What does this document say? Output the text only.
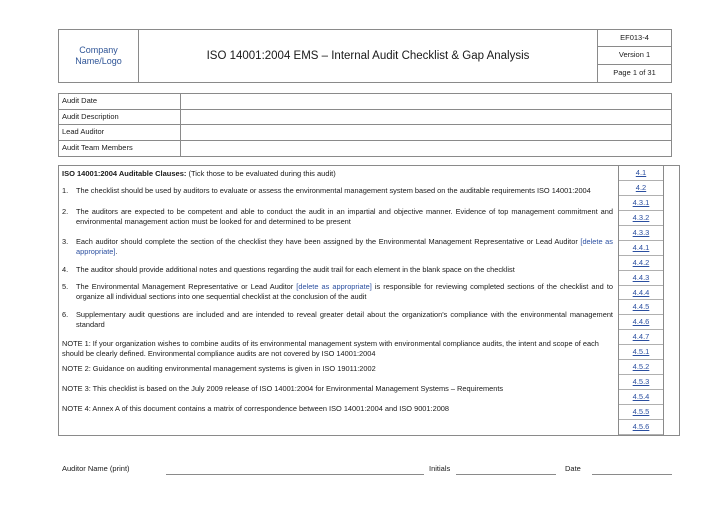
Company
Name/Logo	ISO 14001:2004 EMS – Internal Audit Checklist & Gap Analysis
EF013-4
Version 1
Page 1 of 31
Audit Date
Audit Description
Lead Auditor
Audit Team Members
ISO 14001:2004 Auditable Clauses: (Tick those to be evaluated during this audit)
1.	The checklist should be used by auditors to evaluate or assess the environmental management system based on the auditable requirements ISO 14001:2004
2.	The auditors are expected to be competent and able to conduct the audit in an impartial and objective manner. Evidence of top management commitment and environmental management action must be looked for and determined to be present
3.	Each auditor should complete the section of the checklist they have been assigned by the Environmental Management Representative or Lead Auditor [delete as appropriate].
4.	The auditor should provide additional notes and questions regarding the audit trail for each element in the blank space on the checklist
5.	The Environmental Management Representative or Lead Auditor [delete as appropriate] is responsible for reviewing completed sections of the checklist and to organize all individual sections into one sequential checklist at the conclusion of the audit
6.	Supplementary audit questions are included and are intended to reveal greater detail about the organization's compliance with the environmental management standard
NOTE 1: If your organization wishes to combine audits of its environmental management system with environmental compliance audits, the intent and scope of each should be clearly defined. Environmental compliance audits are not covered by ISO 14001:2004
NOTE 2: Guidance on auditing environmental management systems is given in ISO 19011:2002
NOTE 3: This checklist is based on the July 2009 release of ISO 14001:2004 for Environmental Management Systems – Requirements
NOTE 4: Annex A of this document contains a matrix of correspondence between ISO 14001:2004 and ISO 9001:2008
4.1
4.2
4.3.1
4.3.2
4.3.3
4.4.1
4.4.2
4.4.3
4.4.4
4.4.5
4.4.6
4.4.7
4.5.1
4.5.2
4.5.3
4.5.4
4.5.5
4.5.6
Auditor Name (print)	Initials	Date
